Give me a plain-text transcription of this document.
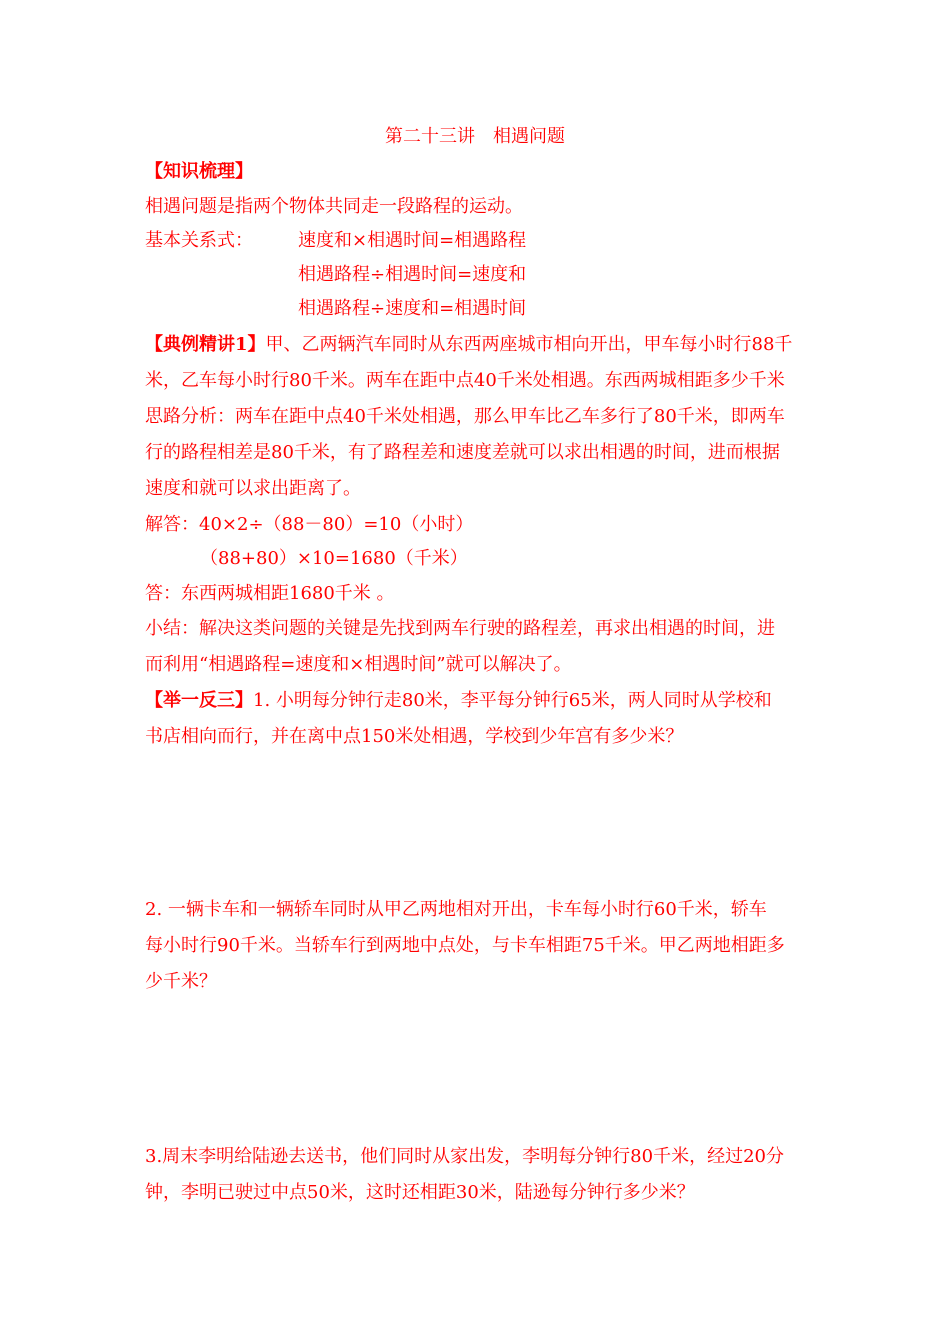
第二十三讲　相遇问题
【知识梳理】
相遇问题是指两个物体共同走一段路程的运动。
基本关系式：	速度和×相遇时间=相遇路程
相遇路程÷相遇时间=速度和
相遇路程÷速度和=相遇时间
【典例精讲1】甲、乙两辆汽车同时从东西两座城市相向开出，甲车每小时行88千
米，乙车每小时行80千米。两车在距中点40千米处相遇。东西两城相距多少千米
思路分析：两车在距中点40千米处相遇，那么甲车比乙车多行了80千米，即两车
行的路程相差是80千米，有了路程差和速度差就可以求出相遇的时间，进而根据
速度和就可以求出距离了。
解答：40×2÷（88－80）=10（小时）
（88+80）×10=1680（千米）
答：东西两城相距1680千米 。
小结：解决这类问题的关键是先找到两车行驶的路程差，再求出相遇的时间，进
而利用“相遇路程=速度和×相遇时间”就可以解决了。
【举一反三】1. 小明每分钟行走80米，李平每分钟行65米，两人同时从学校和
书店相向而行，并在离中点150米处相遇，学校到少年宫有多少米？
2. 一辆卡车和一辆轿车同时从甲乙两地相对开出，卡车每小时行60千米，轿车
每小时行90千米。当轿车行到两地中点处，与卡车相距75千米。甲乙两地相距多
少千米？
3.周末李明给陆逊去送书，他们同时从家出发，李明每分钟行80千米，经过20分
钟，李明已驶过中点50米，这时还相距30米，陆逊每分钟行多少米？
